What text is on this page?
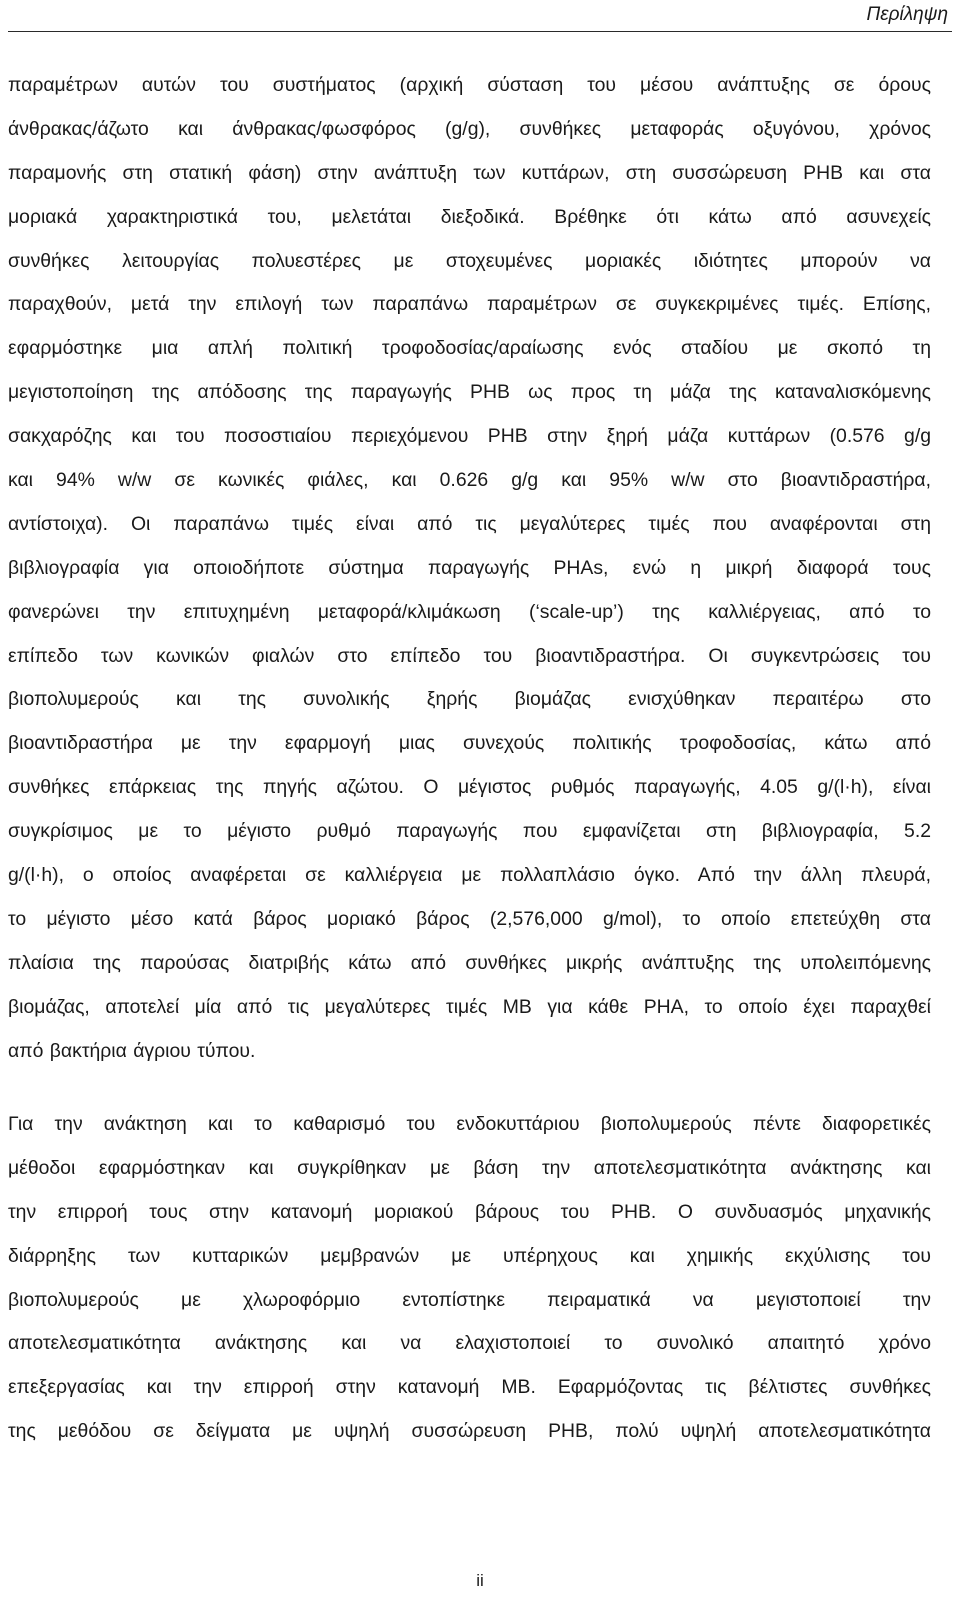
Περίληψη
παραμέτρων αυτών του συστήματος (αρχική σύσταση του μέσου ανάπτυξης σε όρους
άνθρακας/άζωτο και άνθρακας/φωσφόρος (g/g), συνθήκες μεταφοράς οξυγόνου, χρόνος
παραμονής στη στατική φάση) στην ανάπτυξη των κυττάρων, στη συσσώρευση PHB και στα
μοριακά χαρακτηριστικά του, μελετάται διεξοδικά. Βρέθηκε ότι κάτω από ασυνεχείς
συνθήκες λειτουργίας πολυεστέρες με στοχευμένες μοριακές ιδιότητες μπορούν να
παραχθούν, μετά την επιλογή των παραπάνω παραμέτρων σε συγκεκριμένες τιμές. Επίσης,
εφαρμόστηκε μια απλή πολιτική τροφοδοσίας/αραίωσης ενός σταδίου με σκοπό τη
μεγιστοποίηση της απόδοσης της παραγωγής PHB ως προς τη μάζα της καταναλισκόμενης
σακχαρόζης και του ποσοστιαίου περιεχόμενου PHB στην ξηρή μάζα κυττάρων (0.576 g/g
και 94% w/w σε κωνικές φιάλες, και 0.626 g/g και 95% w/w στο βιοαντιδραστήρα,
αντίστοιχα). Οι παραπάνω τιμές είναι από τις μεγαλύτερες τιμές που αναφέρονται στη
βιβλιογραφία για οποιοδήποτε σύστημα παραγωγής PHAs, ενώ η μικρή διαφορά τους
φανερώνει την επιτυχημένη μεταφορά/κλιμάκωση (‘scale-up’) της καλλιέργειας, από το
επίπεδο των κωνικών φιαλών στο επίπεδο του βιοαντιδραστήρα. Οι συγκεντρώσεις του
βιοπολυμερούς και της συνολικής ξηρής βιομάζας ενισχύθηκαν περαιτέρω στο
βιοαντιδραστήρα με την εφαρμογή μιας συνεχούς πολιτικής τροφοδοσίας, κάτω από
συνθήκες επάρκειας της πηγής αζώτου. Ο μέγιστος ρυθμός παραγωγής, 4.05 g/(l·h), είναι
συγκρίσιμος με το μέγιστο ρυθμό παραγωγής που εμφανίζεται στη βιβλιογραφία, 5.2
g/(l·h), ο οποίος αναφέρεται σε καλλιέργεια με πολλαπλάσιο όγκο. Από την άλλη πλευρά,
το μέγιστο μέσο κατά βάρος μοριακό βάρος (2,576,000 g/mol), το οποίο επετεύχθη στα
πλαίσια της παρούσας διατριβής κάτω από συνθήκες μικρής ανάπτυξης της υπολειπόμενης
βιομάζας, αποτελεί μία από τις μεγαλύτερες τιμές MB για κάθε PHA, το οποίο έχει παραχθεί
από βακτήρια άγριου τύπου.
Για την ανάκτηση και το καθαρισμό του ενδοκυττάριου βιοπολυμερούς πέντε διαφορετικές
μέθοδοι εφαρμόστηκαν και συγκρίθηκαν με βάση την αποτελεσματικότητα ανάκτησης και
την επιρροή τους στην κατανομή μοριακού βάρους του PHB. Ο συνδυασμός μηχανικής
διάρρηξης των κυτταρικών μεμβρανών με υπέρηχους και χημικής εκχύλισης του
βιοπολυμερούς με χλωροφόρμιο εντοπίστηκε πειραματικά να μεγιστοποιεί την
αποτελεσματικότητα ανάκτησης και να ελαχιστοποιεί το συνολικό απαιτητό χρόνο
επεξεργασίας και την επιρροή στην κατανομή MB. Εφαρμόζοντας τις βέλτιστες συνθήκες
της μεθόδου σε δείγματα με υψηλή συσσώρευση PHB, πολύ υψηλή αποτελεσματικότητα
ii
